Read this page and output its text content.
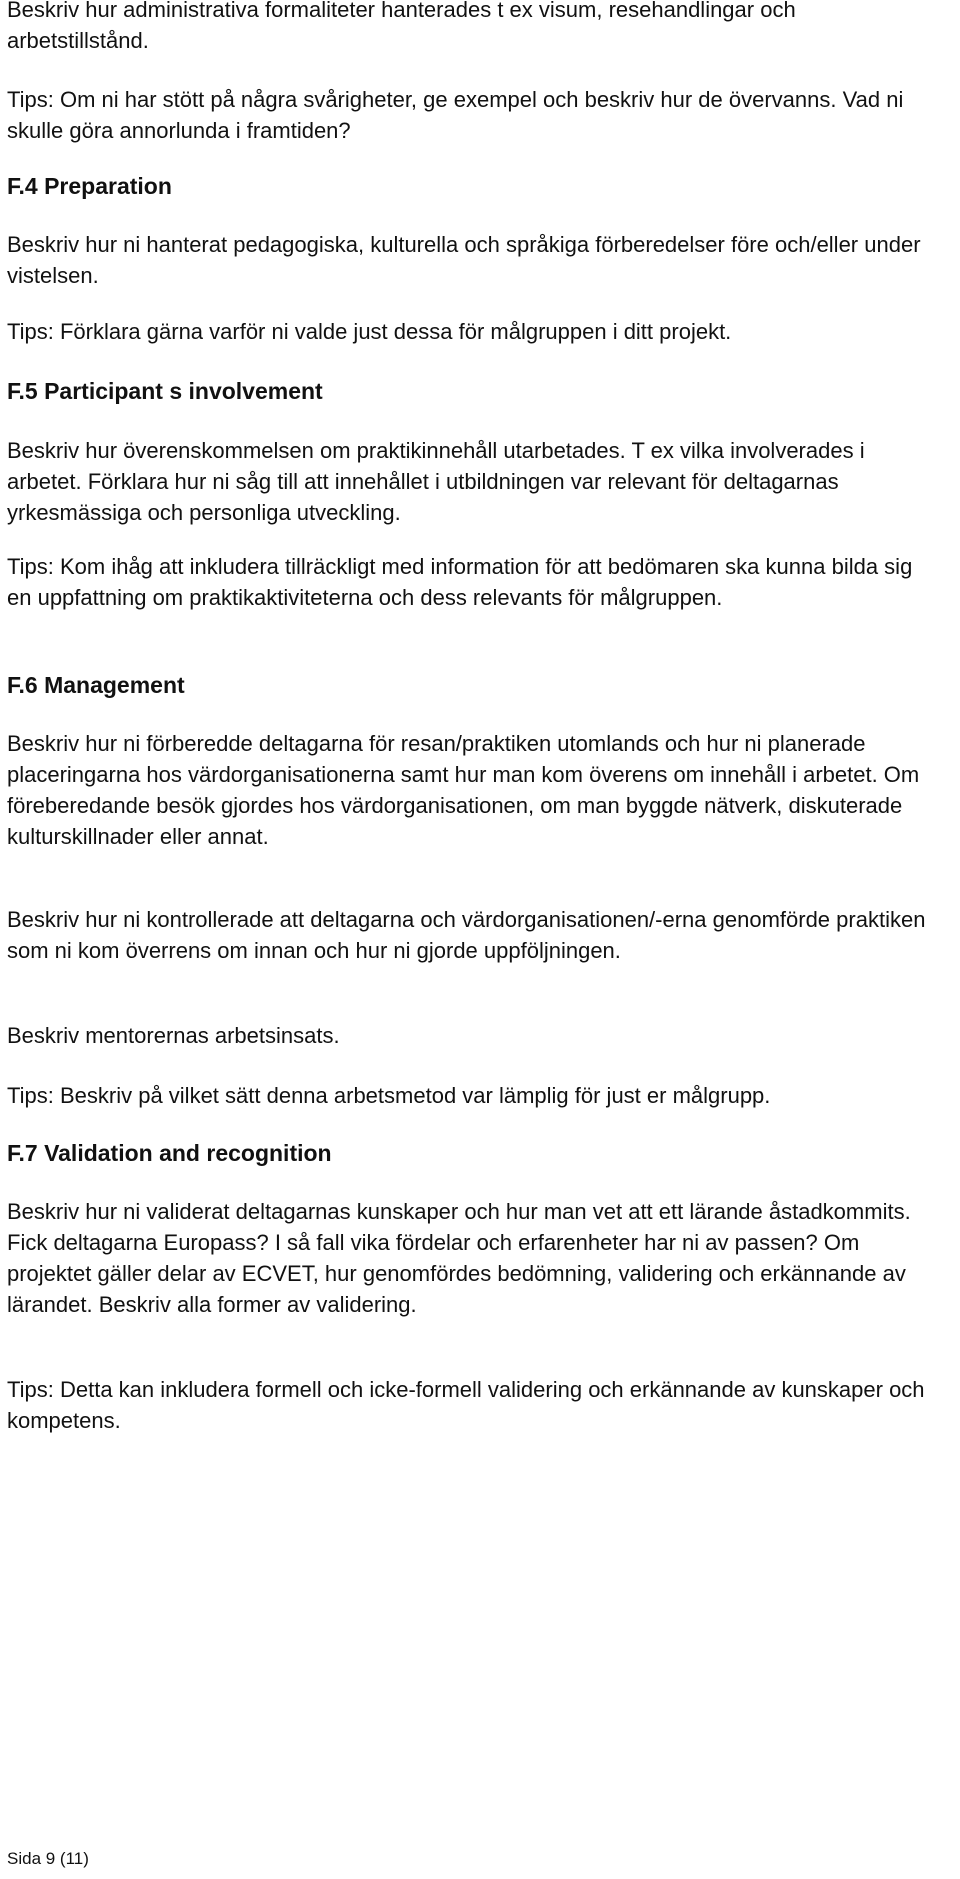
Beskriv hur administrativa formaliteter hanterades t ex visum, resehandlingar och arbetstillstånd.

Tips: Om ni har stött på några svårigheter, ge exempel och beskriv hur de övervanns. Vad ni skulle göra annorlunda i framtiden?

F.4 Preparation

Beskriv hur ni hanterat pedagogiska, kulturella och språkiga förberedelser före och/eller under vistelsen.

Tips: Förklara gärna varför ni valde just dessa för målgruppen i ditt projekt.

F.5 Participant s involvement

Beskriv hur överenskommelsen om praktikinnehåll utarbetades. T ex vilka involverades i arbetet. Förklara hur ni såg till att innehållet i utbildningen var relevant för deltagarnas yrkesmässiga och personliga utveckling.

Tips: Kom ihåg att inkludera tillräckligt med information för att bedömaren ska kunna bilda sig en uppfattning om praktikaktiviteterna och dess relevants för målgruppen.

F.6 Management

Beskriv hur ni förberedde deltagarna för resan/praktiken utomlands och hur ni planerade placeringarna hos värdorganisationerna samt hur man kom överens om innehåll i arbetet. Om föreberedande besök gjordes hos värdorganisationen, om man byggde nätverk, diskuterade kulturskillnader eller annat.

Beskriv hur ni kontrollerade att deltagarna och värdorganisationen/-erna genomförde praktiken som ni kom överrens om innan och hur ni gjorde uppföljningen.

Beskriv mentorernas arbetsinsats.

Tips: Beskriv på vilket sätt denna arbetsmetod var lämplig för just er målgrupp.

F.7 Validation and recognition

Beskriv hur ni validerat deltagarnas kunskaper och hur man vet att ett lärande åstadkommits. Fick deltagarna Europass? I så fall vika fördelar och erfarenheter har ni av passen? Om projektet gäller delar av ECVET, hur genomfördes bedömning, validering och erkännande av lärandet. Beskriv alla former av validering.

Tips: Detta kan inkludera formell och icke-formell validering och erkännande av kunskaper och kompetens.

Sida 9 (11)
